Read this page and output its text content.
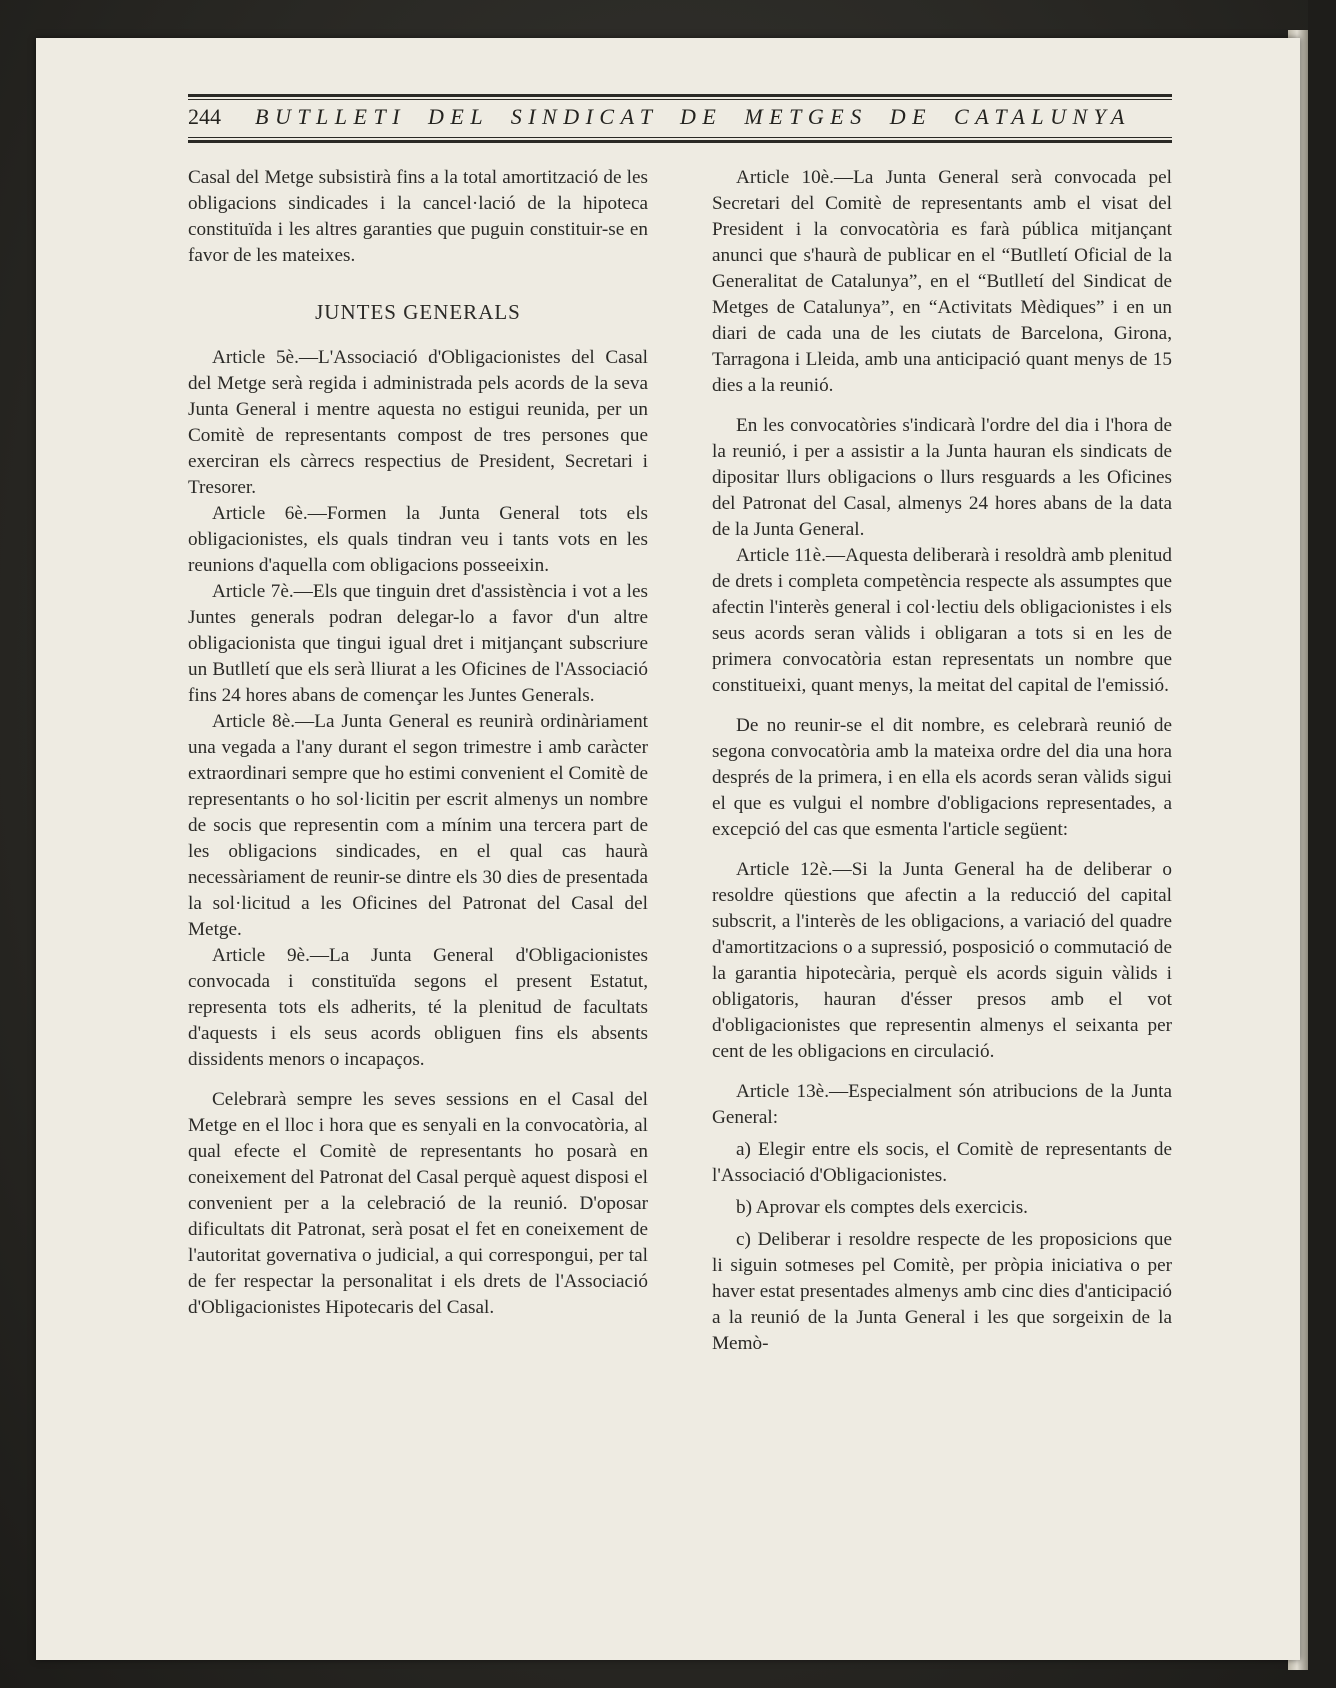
244 BUTLLETI DEL SINDICAT DE METGES DE CATALUNYA

Casal del Metge subsistirà fins a la total amortització de les obligacions sindicades i la cancel·lació de la hipoteca constituïda i les altres garanties que puguin constituir-se en favor de les mateixes.

JUNTES GENERALS

Article 5è.—L'Associació d'Obligacionistes del Casal del Metge serà regida i administrada pels acords de la seva Junta General i mentre aquesta no estigui reunida, per un Comitè de representants compost de tres persones que exerciran els càrrecs respectius de President, Secretari i Tresorer.

Article 6è.—Formen la Junta General tots els obligacionistes, els quals tindran veu i tants vots en les reunions d'aquella com obligacions posseeixin.

Article 7è.—Els que tinguin dret d'assistència i vot a les Juntes generals podran delegar-lo a favor d'un altre obligacionista que tingui igual dret i mitjançant subscriure un Butlletí que els serà lliurat a les Oficines de l'Associació fins 24 hores abans de començar les Juntes Generals.

Article 8è.—La Junta General es reunirà ordinàriament una vegada a l'any durant el segon trimestre i amb caràcter extraordinari sempre que ho estimi convenient el Comitè de representants o ho sol·licitin per escrit almenys un nombre de socis que representin com a mínim una tercera part de les obligacions sindicades, en el qual cas haurà necessàriament de reunir-se dintre els 30 dies de presentada la sol·licitud a les Oficines del Patronat del Casal del Metge.

Article 9è.—La Junta General d'Obligacionistes convocada i constituïda segons el present Estatut, representa tots els adherits, té la plenitud de facultats d'aquests i els seus acords obliguen fins els absents dissidents menors o incapaços.

Celebrarà sempre les seves sessions en el Casal del Metge en el lloc i hora que es senyali en la convocatòria, al qual efecte el Comitè de representants ho posarà en coneixement del Patronat del Casal perquè aquest disposi el convenient per a la celebració de la reunió. D'oposar dificultats dit Patronat, serà posat el fet en coneixement de l'autoritat governativa o judicial, a qui correspongui, per tal de fer respectar la personalitat i els drets de l'Associació d'Obligacionistes Hipotecaris del Casal.

Article 10è.—La Junta General serà convocada pel Secretari del Comitè de representants amb el visat del President i la convocatòria es farà pública mitjançant anunci que s'haurà de publicar en el “Butlletí Oficial de la Generalitat de Catalunya”, en el “Butlletí del Sindicat de Metges de Catalunya”, en “Activitats Mèdiques” i en un diari de cada una de les ciutats de Barcelona, Girona, Tarragona i Lleida, amb una anticipació quant menys de 15 dies a la reunió.

En les convocatòries s'indicarà l'ordre del dia i l'hora de la reunió, i per a assistir a la Junta hauran els sindicats de dipositar llurs obligacions o llurs resguards a les Oficines del Patronat del Casal, almenys 24 hores abans de la data de la Junta General.

Article 11è.—Aquesta deliberarà i resoldrà amb plenitud de drets i completa competència respecte als assumptes que afectin l'interès general i col·lectiu dels obligacionistes i els seus acords seran vàlids i obligaran a tots si en les de primera convocatòria estan representats un nombre que constitueixi, quant menys, la meitat del capital de l'emissió.

De no reunir-se el dit nombre, es celebrarà reunió de segona convocatòria amb la mateixa ordre del dia una hora després de la primera, i en ella els acords seran vàlids sigui el que es vulgui el nombre d'obligacions representades, a excepció del cas que esmenta l'article següent:

Article 12è.—Si la Junta General ha de deliberar o resoldre qüestions que afectin a la reducció del capital subscrit, a l'interès de les obligacions, a variació del quadre d'amortitzacions o a supressió, posposició o commutació de la garantia hipotecària, perquè els acords siguin vàlids i obligatoris, hauran d'ésser presos amb el vot d'obligacionistes que representin almenys el seixanta per cent de les obligacions en circulació.

Article 13è.—Especialment són atribucions de la Junta General:

a) Elegir entre els socis, el Comitè de representants de l'Associació d'Obligacionistes.

b) Aprovar els comptes dels exercicis.

c) Deliberar i resoldre respecte de les proposicions que li siguin sotmeses pel Comitè, per pròpia iniciativa o per haver estat presentades almenys amb cinc dies d'anticipació a la reunió de la Junta General i les que sorgeixin de la Memò-
